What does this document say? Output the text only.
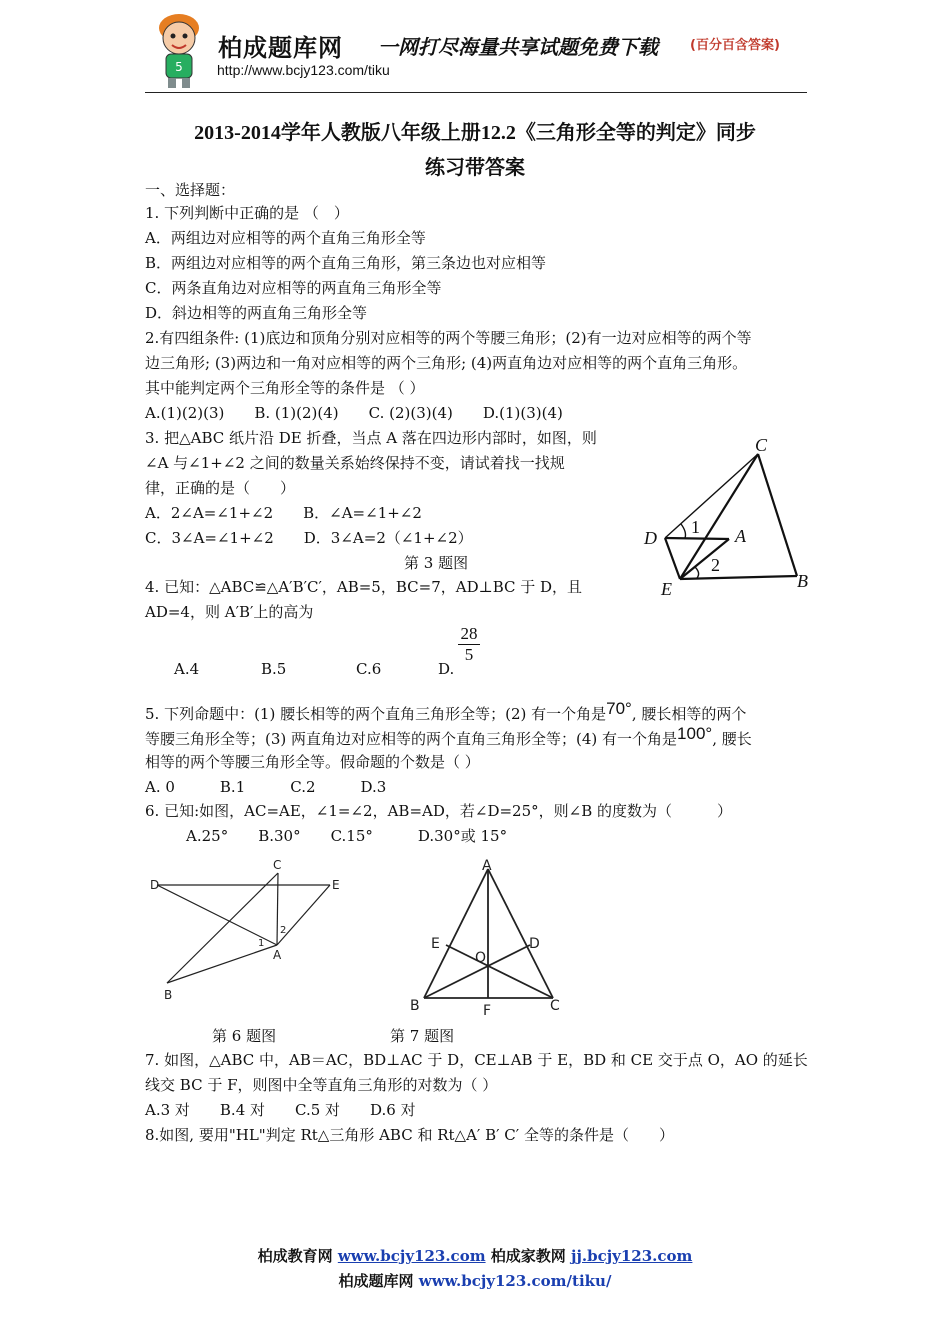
5
柏成题库网 一网打尽海量共享试题免费下载 (百分百含答案)
http://www.bcjy123.com/tiku
2013-2014学年人教版八年级上册12.2《三角形全等的判定》同步
练习带答案
一、选择题：
1. 下列判断中正确的是 （　）
A．两组边对应相等的两个直角三角形全等
B．两组边对应相等的两个直角三角形，第三条边也对应相等
C．两条直角边对应相等的两直角三角形全等
D．斜边相等的两直角三角形全等
2.有四组条件: (1)底边和顶角分别对应相等的两个等腰三角形；(2)有一边对应相等的两个等
边三角形; (3)两边和一角对应相等的两个三角形; (4)两直角边对应相等的两个直角三角形。
其中能判定两个三角形全等的条件是 （ ）
A.(1)(2)(3)　　B. (1)(2)(4)　　C. (2)(3)(4)　　D.(1)(3)(4)
3. 把△ABC 纸片沿 DE 折叠，当点 A 落在四边形内部时，如图，则
∠A 与∠1+∠2 之间的数量关系始终保持不变，请试着找一找规
律，正确的是（　　）
A．2∠A=∠1+∠2　　B．∠A=∠1+∠2
C．3∠A=∠1+∠2　　D．3∠A=2（∠1+∠2）
第 3 题图
C
D	A
E	B
1
2
4. 已知：△ABC≌△A′B′C′，AB=5，BC=7，AD⊥BC 于 D，且
AD=4，则 A′B′上的高为
A.4	B.5	C.6	D.
$\frac{28}{5}$
5. 下列命题中：(1) 腰长相等的两个直角三角形全等；(2) 有一个角是70°, 腰长相等的两个
等腰三角形全等；(3) 两直角边对应相等的两个直角三角形全等；(4) 有一个角是100°, 腰长
相等的两个等腰三角形全等。假命题的个数是（ ）
A. 0　　　B.1　　　C.2　　　D.3
6. 已知:如图，AC=AE，∠1=∠2，AB=AD，若∠D=25°，则∠B 的度数为（　　　）
A.25°　　B.30°　　C.15°　　　D.30°或 15°
C
D	E
A
B
1
2
A
E	D
O
B	F	C
第 6 题图	第 7 题图
7. 如图，△ABC 中，AB＝AC，BD⊥AC 于 D，CE⊥AB 于 E，BD 和 CE 交于点 O，AO 的延长
线交 BC 于 F，则图中全等直角三角形的对数为（ ）
A.3 对　　B.4 对　　C.5 对　　D.6 对
8.如图, 要用"HL"判定 Rt△三角形 ABC 和 Rt△A′ B′ C′ 全等的条件是（　　）
柏成教育网 www.bcjy123.com 柏成家教网 jj.bcjy123.com
柏成题库网 www.bcjy123.com/tiku/
